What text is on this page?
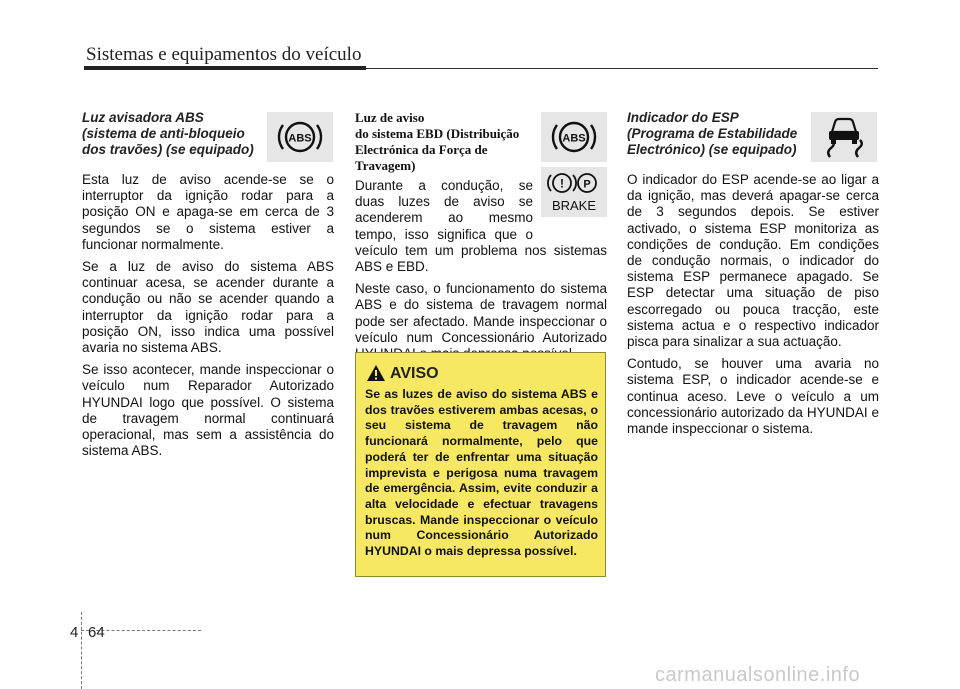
Sistemas e equipamentos do veículo
Luz avisadora ABS
(sistema de anti-bloqueio
dos travões) (se equipado)

Esta luz de aviso acende-se se o interruptor da ignição rodar para a posição ON e apaga-se em cerca de 3 segundos se o sistema estiver a funcionar normalmente.

Se a luz de aviso do sistema ABS continuar acesa, se acender durante a condução ou não se acender quando a interruptor da ignição rodar para a posição ON, isso indica uma possível avaria no sistema ABS.

Se isso acontecer, mande inspeccionar o veículo num Reparador Autorizado HYUNDAI logo que possível. O sistema de travagem normal continuará operacional, mas sem a assistência do sistema ABS.

ABS
Luz de aviso
do sistema EBD (Distribuição
Electrónica da Força de
Travagem)
Durante a condução, se
duas luzes de aviso se
acenderem ao mesmo
tempo, isso significa que o

veículo tem um problema nos sistemas ABS e EBD.

Neste caso, o funcionamento do sistema ABS e do sistema de travagem normal pode ser afectado. Mande inspeccionar o veículo num Concessionário Autorizado

ABS
! P
BRAKE
AVISO
Se as luzes de aviso do sistema ABS e dos travões estiverem ambas acesas, o seu sistema de travagem não funcionará normalmente, pelo que poderá ter de enfrentar uma situação imprevista e perigosa numa travagem de emergência. Assim, evite conduzir a alta velocidade e efectuar travagens bruscas. Mande inspeccionar o veículo num Concessionário Autorizado HYUNDAI o mais depressa possível.
Indicador do ESP
(Programa de Estabilidade
Electrónico) (se equipado)

O indicador do ESP acende-se ao ligar a da ignição, mas deverá apagar-se cerca de 3 segundos depois. Se estiver activado, o sistema ESP monitoriza as condições de condução. Em condições de condução normais, o indicador do sistema ESP permanece apagado. Se ESP detectar uma situação de piso escorregado ou pouca tracção, este sistema actua e o respectivo indicador pisca para sinalizar a sua actuação.

Contudo, se houver uma avaria no sistema ESP, o indicador acende-se e continua aceso. Leve o veículo a um concessionário autorizado da HYUNDAI e mande inspeccionar o sistema.

4 64
carmanualsonline.info
